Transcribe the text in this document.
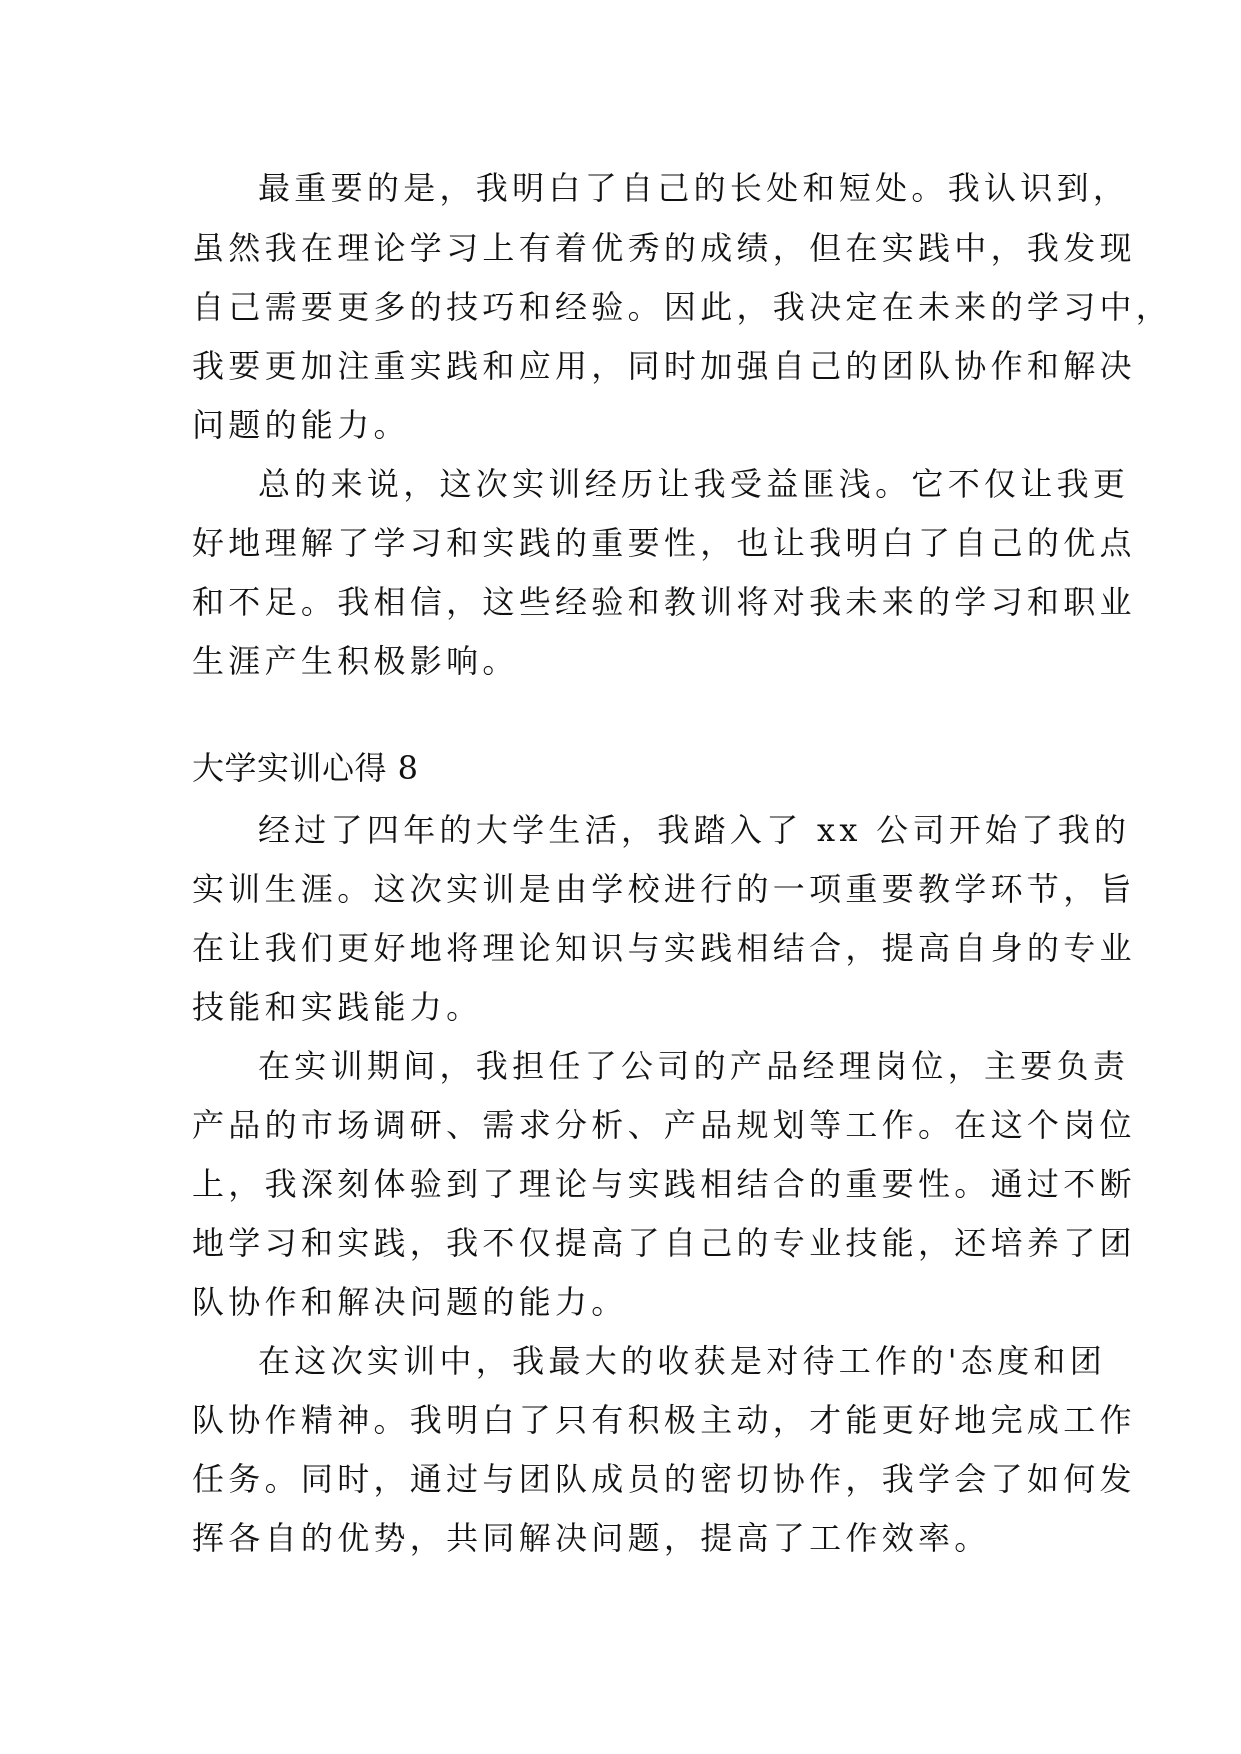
最重要的是，我明白了自己的长处和短处。我认识到，
虽然我在理论学习上有着优秀的成绩，但在实践中，我发现
自己需要更多的技巧和经验。因此，我决定在未来的学习中，
我要更加注重实践和应用，同时加强自己的团队协作和解决
问题的能力。
总的来说，这次实训经历让我受益匪浅。它不仅让我更
好地理解了学习和实践的重要性，也让我明白了自己的优点
和不足。我相信，这些经验和教训将对我未来的学习和职业
生涯产生积极影响。
大学实训心得 8
经过了四年的大学生活，我踏入了 xx 公司开始了我的
实训生涯。这次实训是由学校进行的一项重要教学环节，旨
在让我们更好地将理论知识与实践相结合，提高自身的专业
技能和实践能力。
在实训期间，我担任了公司的产品经理岗位，主要负责
产品的市场调研、需求分析、产品规划等工作。在这个岗位
上，我深刻体验到了理论与实践相结合的重要性。通过不断
地学习和实践，我不仅提高了自己的专业技能，还培养了团
队协作和解决问题的能力。
在这次实训中，我最大的收获是对待工作的'态度和团
队协作精神。我明白了只有积极主动，才能更好地完成工作
任务。同时，通过与团队成员的密切协作，我学会了如何发
挥各自的优势，共同解决问题，提高了工作效率。
